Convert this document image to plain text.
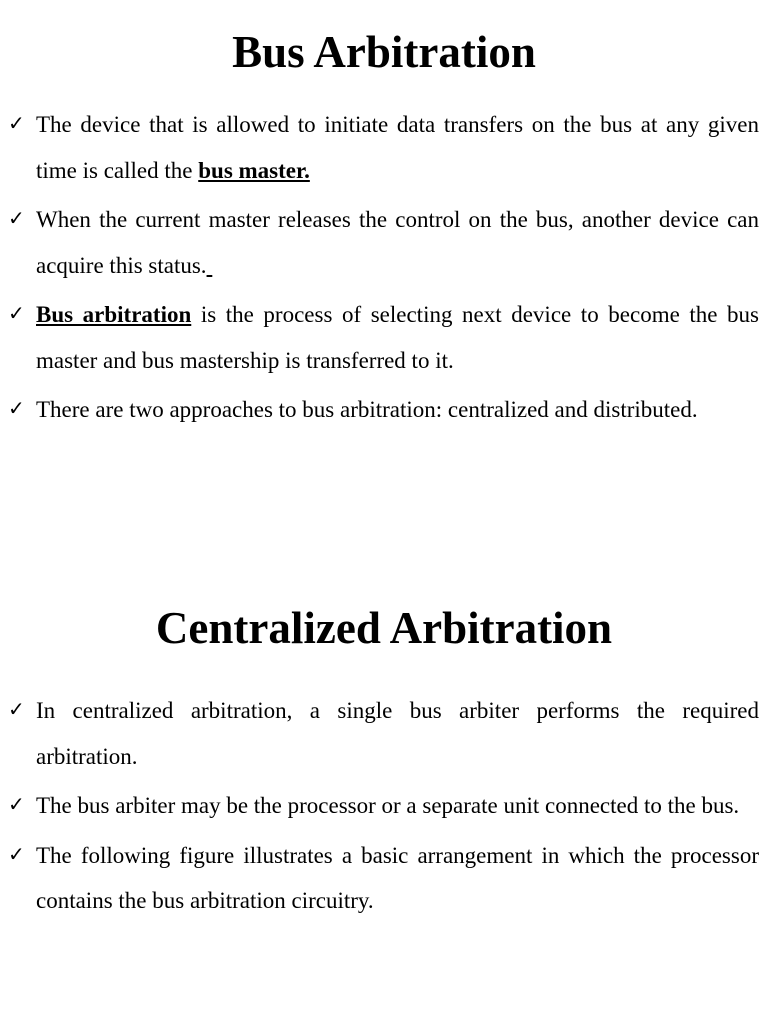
Bus Arbitration
✓ The device that is allowed to initiate data transfers on the bus at any given time is called the bus master.
✓ When the current master releases the control on the bus, another device can acquire this status.
✓ Bus arbitration is the process of selecting next device to become the bus master and bus mastership is transferred to it.
✓ There are two approaches to bus arbitration: centralized and distributed.
Centralized Arbitration
✓ In centralized arbitration, a single bus arbiter performs the required arbitration.
✓ The bus arbiter may be the processor or a separate unit connected to the bus.
✓ The following figure illustrates a basic arrangement in which the processor contains the bus arbitration circuitry.
